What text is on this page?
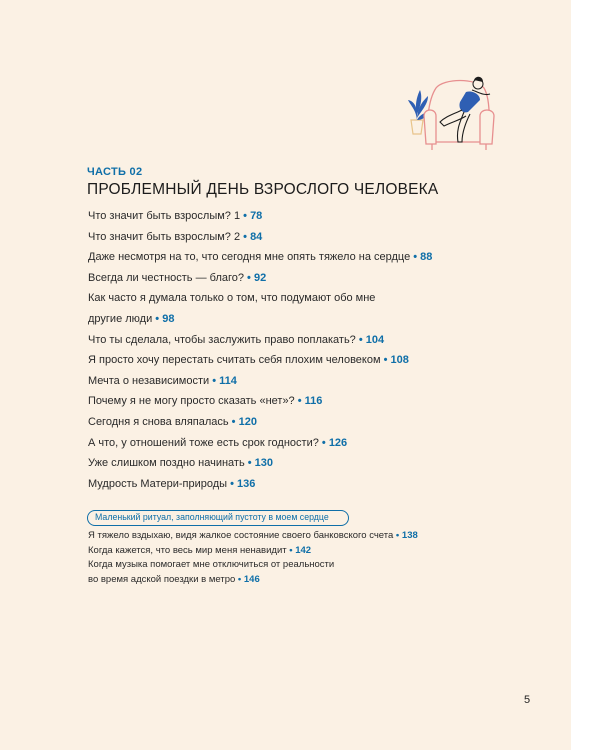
ЧАСТЬ 02
ПРОБЛЕМНЫЙ ДЕНЬ ВЗРОСЛОГО ЧЕЛОВЕКА
Что значит быть взрослым? 1 • 78
Что значит быть взрослым? 2 • 84
Даже несмотря на то, что сегодня мне опять тяжело на сердце • 88
Всегда ли честность — благо? • 92
Как часто я думала только о том, что подумают обо мне
другие люди • 98
Что ты сделала, чтобы заслужить право поплакать? • 104
Я просто хочу перестать считать себя плохим человеком • 108
Мечта о независимости • 114
Почему я не могу просто сказать «нет»? • 116
Сегодня я снова вляпалась • 120
А что, у отношений тоже есть срок годности? • 126
Уже слишком поздно начинать • 130
Мудрость Матери-природы • 136
Маленький ритуал, заполняющий пустоту в моем сердце
Я тяжело вздыхаю, видя жалкое состояние своего банковского счета • 138
Когда кажется, что весь мир меня ненавидит • 142
Когда музыка помогает мне отключиться от реальности
во время адской поездки в метро • 146
5
